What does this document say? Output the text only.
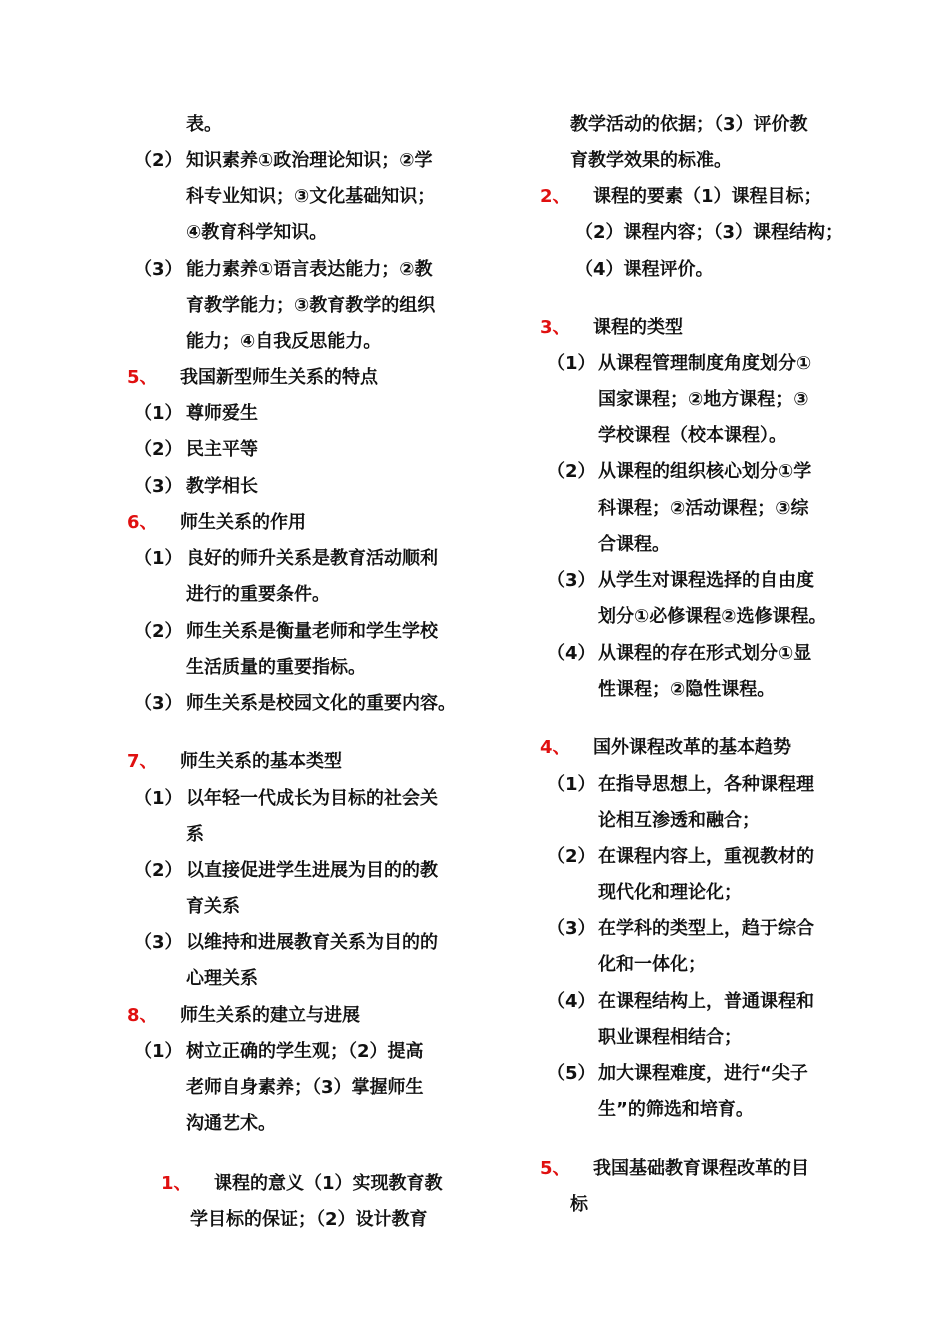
表。
（2） 知识素养①政治理论知识；②学
科专业知识；③文化基础知识；
④教育科学知识。
（3） 能力素养①语言表达能力；②教
育教学能力；③教育教学的组织
能力；④自我反思能力。
5、 我国新型师生关系的特点
（1） 尊师爱生
（2） 民主平等
（3） 教学相长
6、 师生关系的作用
（1） 良好的师升关系是教育活动顺利
进行的重要条件。
（2） 师生关系是衡量老师和学生学校
生活质量的重要指标。
（3） 师生关系是校园文化的重要内容。
7、 师生关系的基本类型
（1） 以年轻一代成长为目标的社会关
系
（2） 以直接促进学生进展为目的的教
育关系
（3） 以维持和进展教育关系为目的的
心理关系
8、 师生关系的建立与进展
（1） 树立正确的学生观；（2）提高
老师自身素养；（3）掌握师生
沟通艺术。
1、 课程的意义（1）实现教育教
学目标的保证；（2）设计教育
教学活动的依据；（3）评价教
育教学效果的标准。
2、 课程的要素（1）课程目标；
（2）课程内容；（3）课程结构；
（4）课程评价。
3、 课程的类型
（1） 从课程管理制度角度划分①
国家课程；②地方课程；③
学校课程（校本课程）。
（2） 从课程的组织核心划分①学
科课程；②活动课程；③综
合课程。
（3） 从学生对课程选择的自由度
划分①必修课程②选修课程。
（4） 从课程的存在形式划分①显
性课程；②隐性课程。
4、 国外课程改革的基本趋势
（1） 在指导思想上，各种课程理
论相互渗透和融合；
（2） 在课程内容上，重视教材的
现代化和理论化；
（3） 在学科的类型上，趋于综合
化和一体化；
（4） 在课程结构上，普通课程和
职业课程相结合；
（5） 加大课程难度，进行“尖子
生”的筛选和培育。
5、 我国基础教育课程改革的目
标
